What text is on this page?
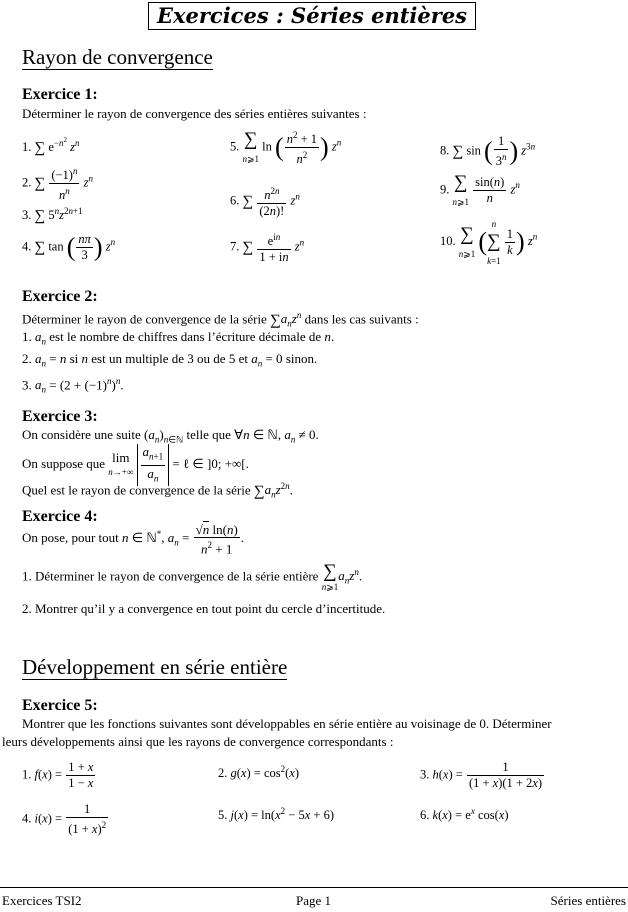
Exercices : Séries entières
Rayon de convergence
Exercice 1:
Déterminer le rayon de convergence des séries entières suivantes :
1. ∑ $e^{-n^2}$ $z^n$
2. ∑ $\frac{(-1)^n}{n^n} z^n$
3. ∑ $5^nz^{2n+1}$
4. ∑ tan ( $\frac{n\pi}{3}$ ) $z^n$
5. ∑
n⩾1 ln ( $\frac{n^2 + 1}{n^2}$ ) $z^n$
6. ∑ $\frac{n^{2n}}{(2n)!} z^n$
7. ∑ $\frac{e^{in}}{1 + in} z^n$
8. ∑ sin ( $\frac{1}{3^n}$ ) $z^{3n}$
9. ∑
n⩾1 $\frac{\sin(n)}{n} z^n$
10. ∑
n⩾1 (n
∑
k=1
$\frac{1}{k}$ ) $z^n$
Exercice 2:
Déterminer le rayon de convergence de la série $\sum a_nz^n$ dans les cas suivants :
1. $a_n$ est le nombre de chiffres dans l’écriture décimale de n.
2. $a_n = n$ si n est un multiple de 3 ou de 5 et $a_n = 0$ sinon.
3. $a_n = (2 + (-1)^n)^n$.
Exercice 3:
On considère une suite $(a_n)_{n\in ℕ}$ telle que ∀n ∈ ℕ, $a_n \ne 0$.
On suppose que lim
$n\to+\infty \frac{a_{n+1}}{a_n}$ = ℓ ∈ ]0; +∞[.
Quel est le rayon de convergence de la série $\sum a_nz^{2n}$.
Exercice 4:
On pose, pour tout n ∈ ℕ*, $a_n = \frac{\text{√n ln(n)}}{n^2 + 1}$ .
1. Déterminer le rayon de convergence de la série entière ∑
$n⩾1a_nz^n$.
2. Montrer qu’il y a convergence en tout point du cercle d’incertitude.
Développement en série entière
Exercice 5:
Montrer que les fonctions suivantes sont développables en série entière au voisinage de 0. Déterminer
leurs développements ainsi que les rayons de convergence correspondants :
1. $f(x) = \frac{1 + x}{1 - x}$	2. $g(x) = \cos^2(x)$	3. $h(x) = \frac{1}{(1 + x)(1 + 2x)}$
4. $i(x) = \frac{1}{(1 + x)^2}$	5. $j(x) = \ln(x^2 - 5x + 6)$	6. $k(x) = e^x$ cos(x)
Exercices TSI2	Page 1	Séries entières
